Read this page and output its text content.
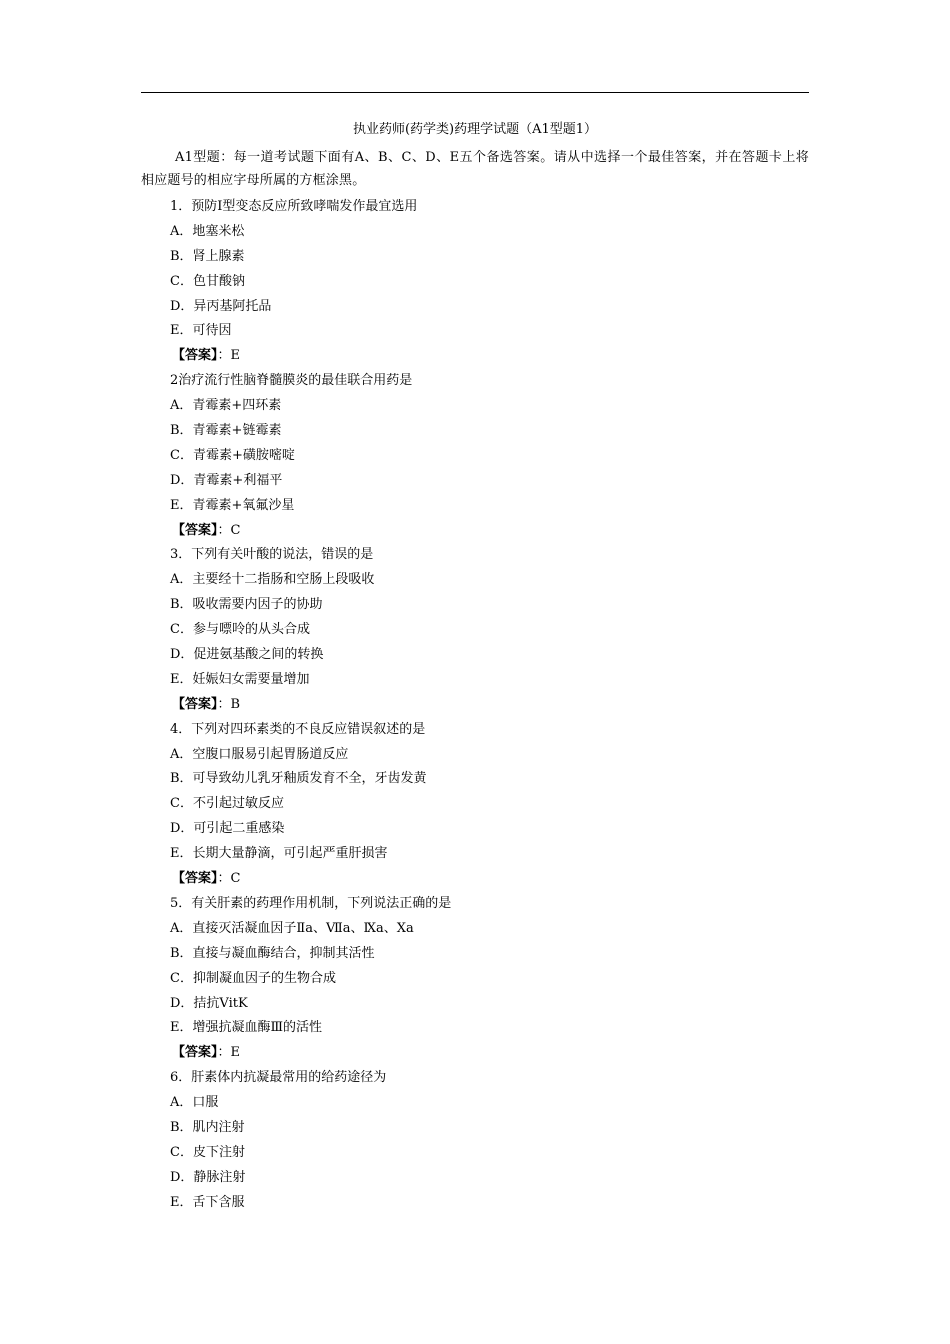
执业药师(药学类)药理学试题（A1型题1）
A1型题：每一道考试题下面有A、B、C、D、E五个备选答案。请从中选择一个最佳答案，并在答题卡上将相应题号的相应字母所属的方框涂黑。
1．预防I型变态反应所致哮喘发作最宜选用
A．地塞米松
B．肾上腺素
C．色甘酸钠
D．异丙基阿托品
E．可待因
【答案】：E
2治疗流行性脑脊髓膜炎的最佳联合用药是
A．青霉素+四环素
B．青霉素+链霉素
C．青霉素+磺胺嘧啶
D．青霉素+利福平
E．青霉素+氧氟沙星
【答案】：C
3．下列有关叶酸的说法，错误的是
A．主要经十二指肠和空肠上段吸收
B．吸收需要内因子的协助
C．参与嘌呤的从头合成
D．促进氨基酸之间的转换
E．妊娠妇女需要量增加
【答案】：B
4．下列对四环素类的不良反应错误叙述的是
A．空腹口服易引起胃肠道反应
B．可导致幼儿乳牙釉质发育不全，牙齿发黄
C．不引起过敏反应
D．可引起二重感染
E．长期大量静滴，可引起严重肝损害
【答案】：C
5．有关肝素的药理作用机制，下列说法正确的是
A．直接灭活凝血因子Ⅱa、Ⅶa、Ⅸa、Ⅹa
B．直接与凝血酶结合，抑制其活性
C．抑制凝血因子的生物合成
D．拮抗VitK
E．增强抗凝血酶Ⅲ的活性
【答案】：E
6．肝素体内抗凝最常用的给药途径为
A．口服
B．肌内注射
C．皮下注射
D．静脉注射
E．舌下含服
